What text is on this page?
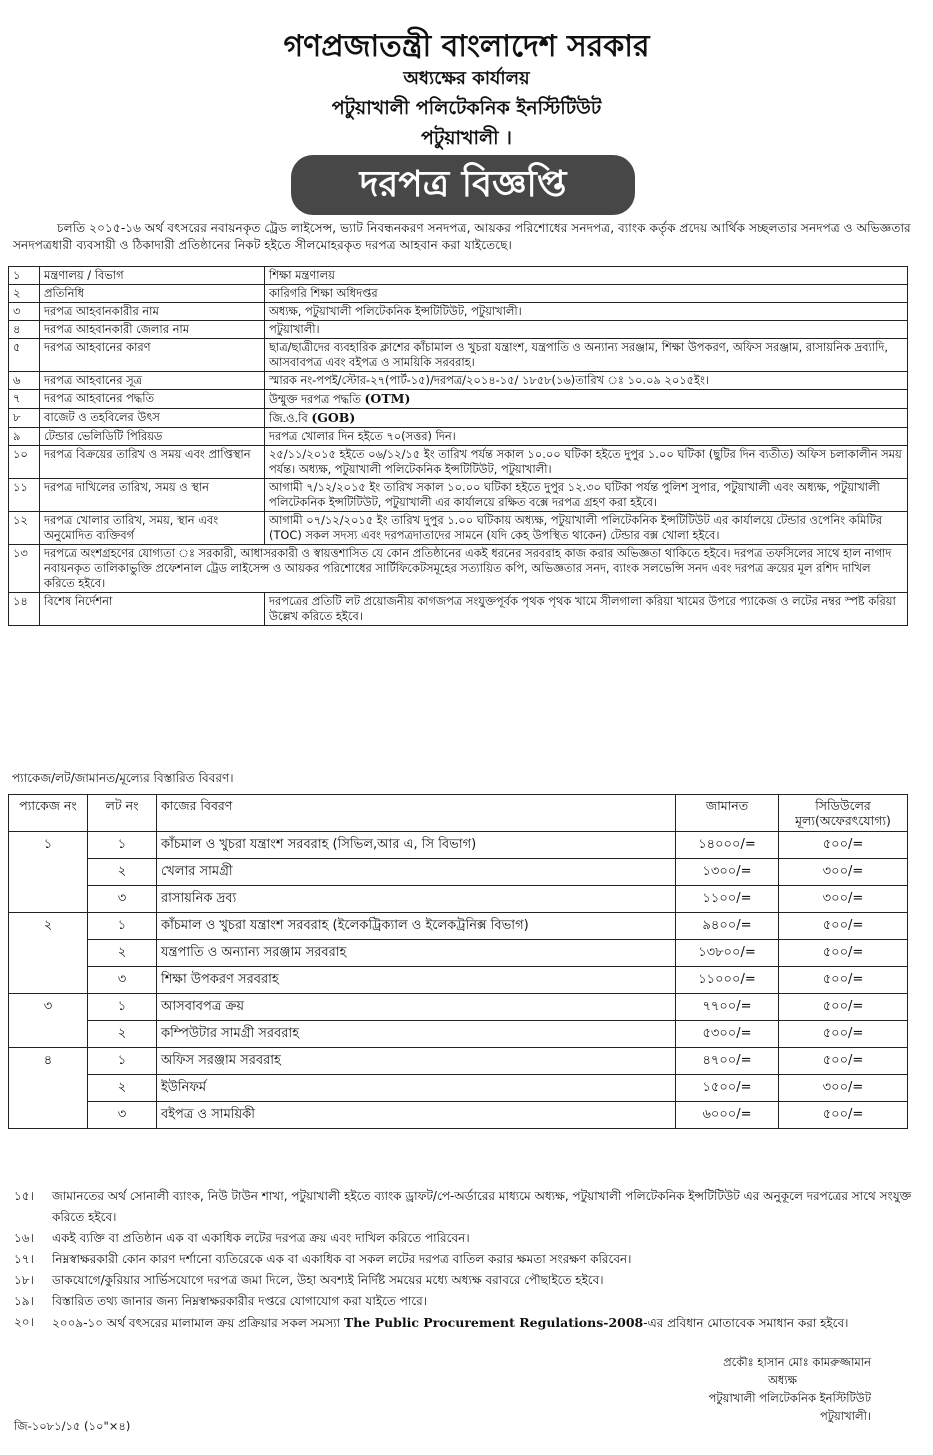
গণপ্রজাতন্ত্রী বাংলাদেশ সরকার
অধ্যক্ষের কার্যালয়
পটুয়াখালী পলিটেকনিক ইনস্টিটিউট
পটুয়াখালী ।
দরপত্র বিজ্ঞপ্তি

চলতি ২০১৫-১৬ অর্থ বৎসরের নবায়নকৃত ট্রেড লাইসেন্স, ভ্যাট নিবন্ধনকরণ সনদপত্র, আয়কর পরিশোধের সনদপত্র, ব্যাংক কর্তৃক প্রদেয় আর্থিক সচ্ছলতার সনদপত্র ও অভিজ্ঞতার সনদপত্রধারী ব্যবসায়ী ও ঠিকাদারী প্রতিষ্ঠানের নিকট হইতে সীলমোহরকৃত দরপত্র আহবান করা যাইতেছে।

১	মন্ত্রণালয় / বিভাগ	শিক্ষা মন্ত্রণালয়
২	প্রতিনিধি	কারিগরি শিক্ষা অধিদপ্তর
৩	দরপত্র আহবানকারীর নাম	অধ্যক্ষ, পটুয়াখালী পলিটেকনিক ইন্সটিটিউট, পটুয়াখালী।
৪	দরপত্র আহবানকারী জেলার নাম	পটুয়াখালী।
৫	দরপত্র আহবানের কারণ	ছাত্র/ছাত্রীদের ব্যবহারিক ক্লাশের কাঁচামাল ও খুচরা যন্ত্রাংশ, যন্ত্রপাতি ও অন্যান্য সরঞ্জাম, শিক্ষা উপকরণ, অফিস সরঞ্জাম, রাসায়নিক দ্রব্যাদি, আসবাবপত্র এবং বইপত্র ও সাময়িকি সরবরাহ।
৬	দরপত্র আহবানের সূত্র	স্মারক নং-পপই/স্টোর-২৭(পার্ট-১৫)/দরপত্র/২০১৪-১৫/ ১৮৫৮(১৬)তারিখ ঃ ১০.০৯ ২০১৫ইং।
৭	দরপত্র আহবানের পদ্ধতি	উম্মুক্ত দরপত্র পদ্ধতি (OTM)
৮	বাজেট ও তহবিলের উৎস	জি.ও.বি (GOB)
৯	টেন্ডার ভেলিডিটি পিরিয়ড	দরপত্র খোলার দিন হইতে ৭০(সত্তর) দিন।
১০	দরপত্র বিক্রয়ের তারিখ ও সময় এবং প্রাপ্তিস্থান	২৫/১১/২০১৫ হইতে ০৬/১২/১৫ ইং তারিখ পর্যন্ত সকাল ১০.০০ ঘটিকা হইতে দুপুর ১.০০ ঘটিকা (ছুটির দিন ব্যতীত) অফিস চলাকালীন সময় পর্যন্ত। অধ্যক্ষ, পটুয়াখালী পলিটেকনিক ইন্সটিটিউট, পটুয়াখালী।
১১	দরপত্র দাখিলের তারিখ, সময় ও স্থান	আগামী ৭/১২/২০১৫ ইং তারিখ সকাল ১০.০০ ঘটিকা হইতে দুপুর ১২.৩০ ঘটিকা পর্যন্ত পুলিশ সুপার, পটুয়াখালী এবং অধ্যক্ষ, পটুয়াখালী পলিটেকনিক ইন্সটিটিউট, পটুয়াখালী এর কার্যালয়ে রক্ষিত বক্সে দরপত্র গ্রহণ করা হইবে।
১২	দরপত্র খোলার তারিখ, সময়, স্থান এবং অনুমোদিত ব্যক্তিবর্গ	আগামী ০৭/১২/২০১৫ ইং তারিখ দুপুর ১.০০ ঘটিকায় অধ্যক্ষ, পটুয়াখালী পলিটেকনিক ইন্সটিটিউট এর কার্যালয়ে টেন্ডার ওপেনিং কমিটির (TOC) সকল সদস্য এবং দরপত্রদাতাদের সামনে (যদি কেহ উপস্থিত থাকেন) টেন্ডার বক্স খোলা হইবে।
১৩	দরপত্রে অংশগ্রহণের যোগ্যতা ঃ সরকারী, আধাসরকারী ও স্বায়ত্তশাসিত যে কোন প্রতিষ্ঠানের একই ধরনের সরবরাহ কাজ করার অভিজ্ঞতা থাকিতে হইবে। দরপত্র তফসিলের সাথে হাল নাগাদ নবায়নকৃত তালিকাভুক্তি প্রফেশনাল ট্রেড লাইসেন্স ও আয়কর পরিশোধের সার্টিফিকেটসমূহের সত্যায়িত কপি, অভিজ্ঞতার সনদ, ব্যাংক সলভেন্সি সনদ এবং দরপত্র ক্রয়ের মূল রশিদ দাখিল করিতে হইবে।	
১৪	বিশেষ নির্দেশনা	দরপত্রের প্রতিটি লট প্রয়োজনীয় কাগজপত্র সংযুক্তপূর্বক পৃথক পৃথক খামে সীলগালা করিয়া খামের উপরে প্যাকেজ ও লটের নম্বর স্পষ্ট করিয়া উল্লেখ করিতে হইবে।
প্যাকেজ/লট/জামানত/মূল্যের বিস্তারিত বিবরণ।
প্যাকেজ নং	লট নং	কাজের বিবরণ	জামানত	সিডিউলের মূল্য(অফেরৎযোগ্য)
১	১	কাঁচমাল ও খুচরা যন্ত্রাংশ সরবরাহ (সিভিল,আর এ, সি বিভাগ)	১৪০০০/=	৫০০/=
	২	খেলার সামগ্রী	১৩০০/=	৩০০/=
	৩	রাসায়নিক দ্রব্য	১১০০/=	৩০০/=
২	১	কাঁচমাল ও খুচরা যন্ত্রাংশ সরবরাহ (ইলেকট্রিক্যাল ও ইলেকট্রনিক্স বিভাগ)	৯৪০০/=	৫০০/=
	২	যন্ত্রপাতি ও অন্যান্য সরঞ্জাম সরবরাহ	১৩৮০০/=	৫০০/=
	৩	শিক্ষা উপকরণ সরবরাহ	১১০০০/=	৫০০/=
৩	১	আসবাবপত্র ক্রয়	৭৭০০/=	৫০০/=
	২	কম্পিউটার সামগ্রী সরবরাহ	৫৩০০/=	৫০০/=
৪	১	অফিস সরঞ্জাম সরবরাহ	৪৭০০/=	৫০০/=
	২	ইউনিফর্ম	১৫০০/=	৩০০/=
	৩	বইপত্র ও সাময়িকী	৬০০০/=	৫০০/=
১৫।	জামানতের অর্থ সোনালী ব্যাংক, নিউ টাউন শাখা, পটুয়াখালী হইতে ব্যাংক ড্রাফট/পে-অর্ডারের মাধ্যমে অধ্যক্ষ, পটুয়াখালী পলিটেকনিক ইন্সটিটিউট এর অনুকূলে দরপত্রের সাথে সংযুক্ত করিতে হইবে।
১৬।	একই ব্যক্তি বা প্রতিষ্ঠান এক বা একাধিক লটের দরপত্র ক্রয় এবং দাখিল করিতে পারিবেন।
১৭।	নিম্নস্বাক্ষরকারী কোন কারণ দর্শানো ব্যতিরেকে এক বা একাধিক বা সকল লটের দরপত্র বাতিল করার ক্ষমতা সংরক্ষণ করিবেন।
১৮।	ডাকযোগে/কুরিয়ার সার্ভিসযোগে দরপত্র জমা দিলে, উহা অবশ্যই নির্দিষ্ট সময়ের মধ্যে অধ্যক্ষ বরাবরে পৌছাইতে হইবে।
১৯।	বিস্তারিত তথ্য জানার জন্য নিম্নস্বাক্ষরকারীর দপ্তরে যোগাযোগ করা যাইতে পারে।
২০।	২০০৯-১০ অর্থ বৎসরের মালামাল ক্রয় প্রক্রিয়ার সকল সমস্যা The Public Procurement Regulations-2008-এর প্রবিধান মোতাবেক সমাধান করা হইবে।
প্রকৌঃ হাসান মোঃ কামরুজ্জামান
অধ্যক্ষ
পটুয়াখালী পলিটেকনিক ইনস্টিটিউট
পটুয়াখালী।
জি-১০৮১/১৫ (১০"×৪)
